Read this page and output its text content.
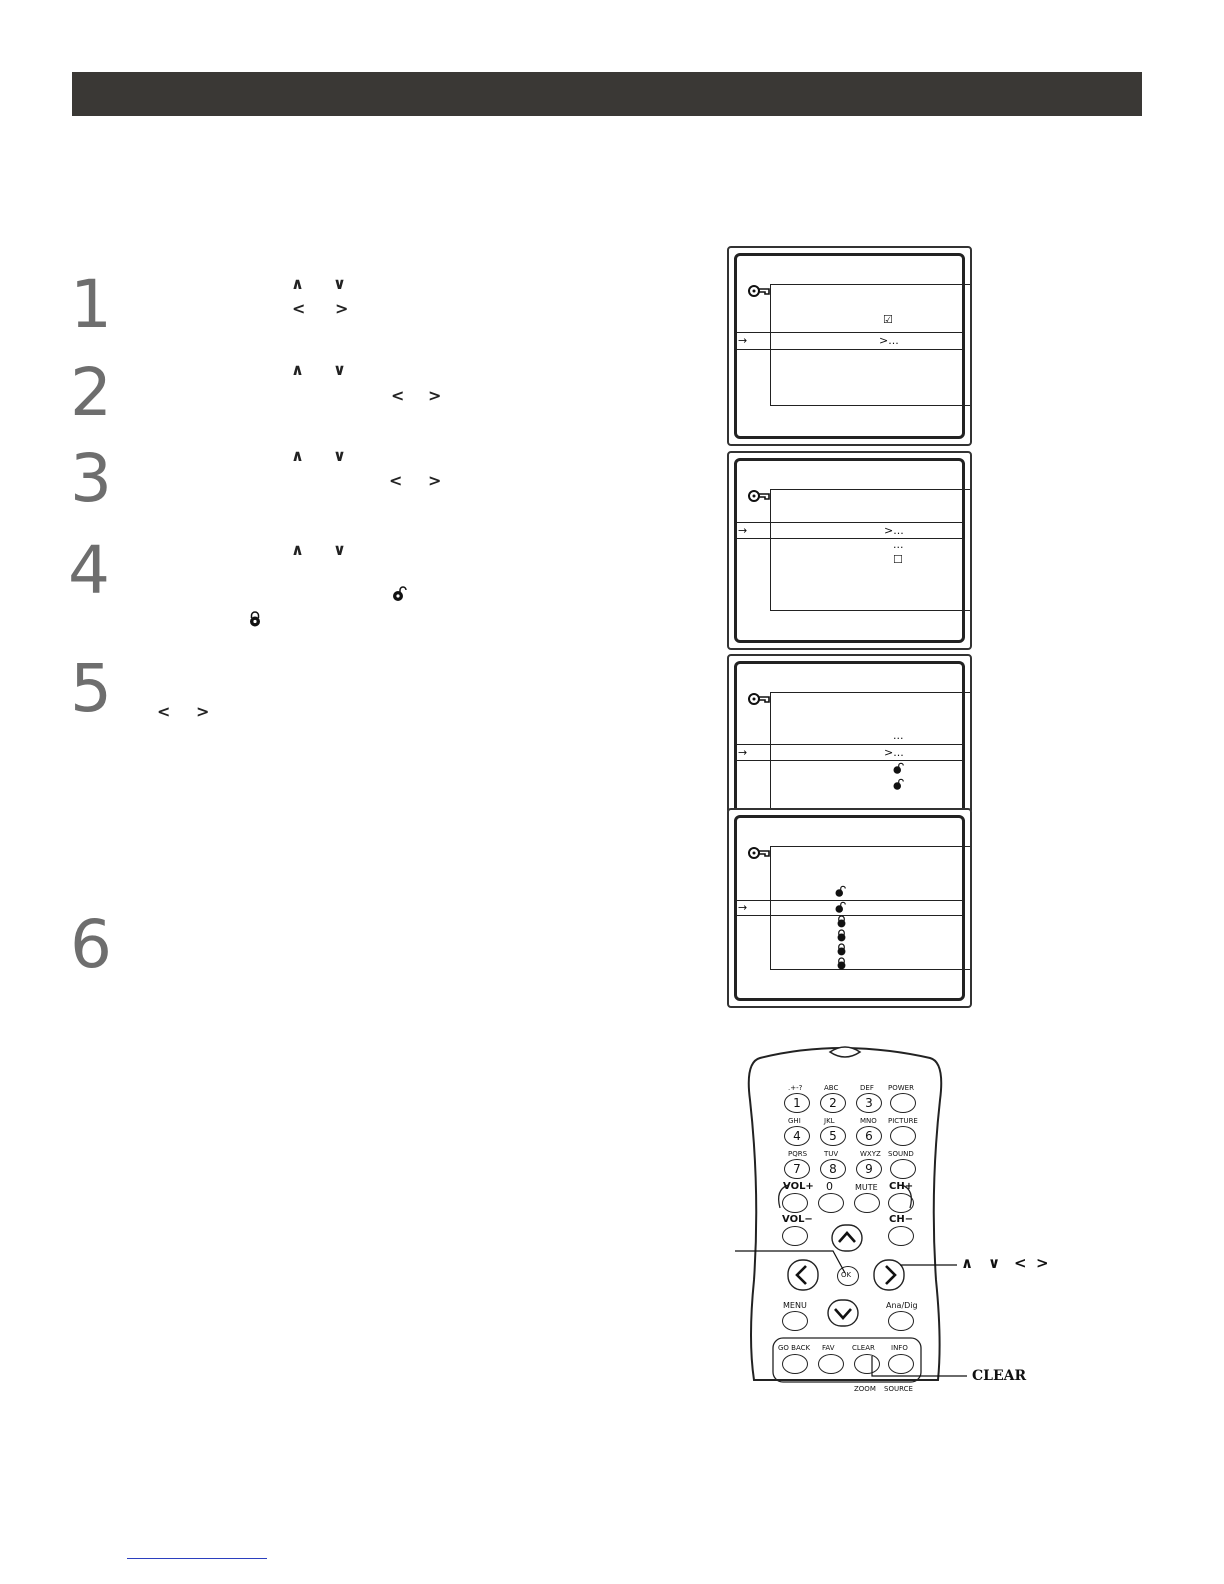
1
2
3
4
5
6
∧ ∨
< >
∧ ∨
< >
∧ ∨
< >
∧ ∨
< >
☑
→	>...
→	>...
...
☐
...
→	>...
→
.+-?
1
ABC
2
DEF
3
POWER
GHI
4
JKL
5
MNO
6
PICTURE
PQRS
7
TUV
8
WXYZ
9
SOUND
VOL+ 0	MUTE CH+
VOL−	CH−
OK
MENU	Ana/Dig
GO BACK FAV CLEAR INFO
ZOOM SOURCE
∧ ∨ < >
CLEAR
